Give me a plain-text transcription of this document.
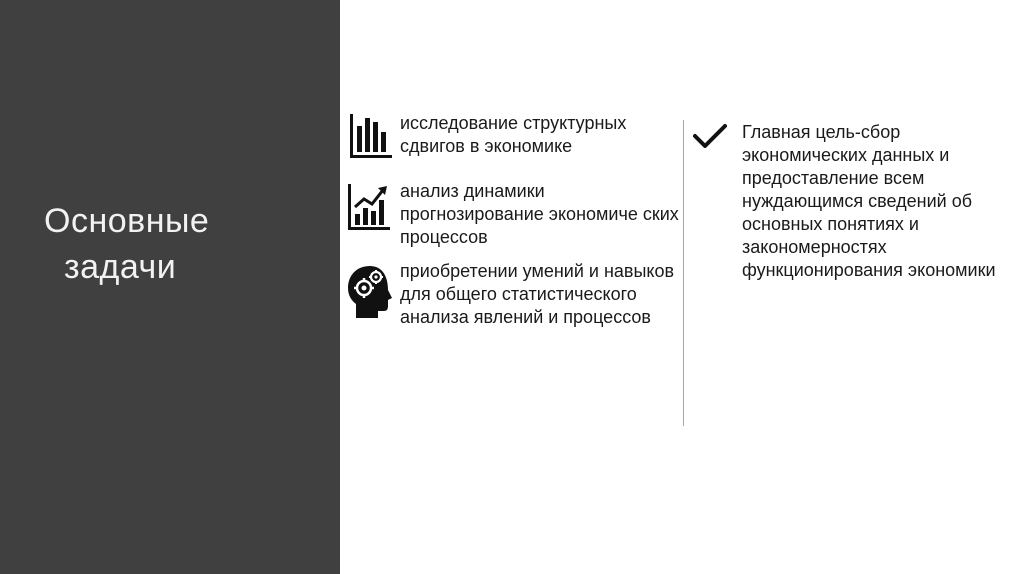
Основные
задачи
исследование структурных сдвигов в экономике
анализ динамики прогнозирование экономиче ских процессов
приобретении умений и навыков для общего статистического анализа явлений и процессов
Главная цель-сбор экономических данных и предоставление всем нуждающимся сведений об основных понятиях и закономерностях функционирования экономики
